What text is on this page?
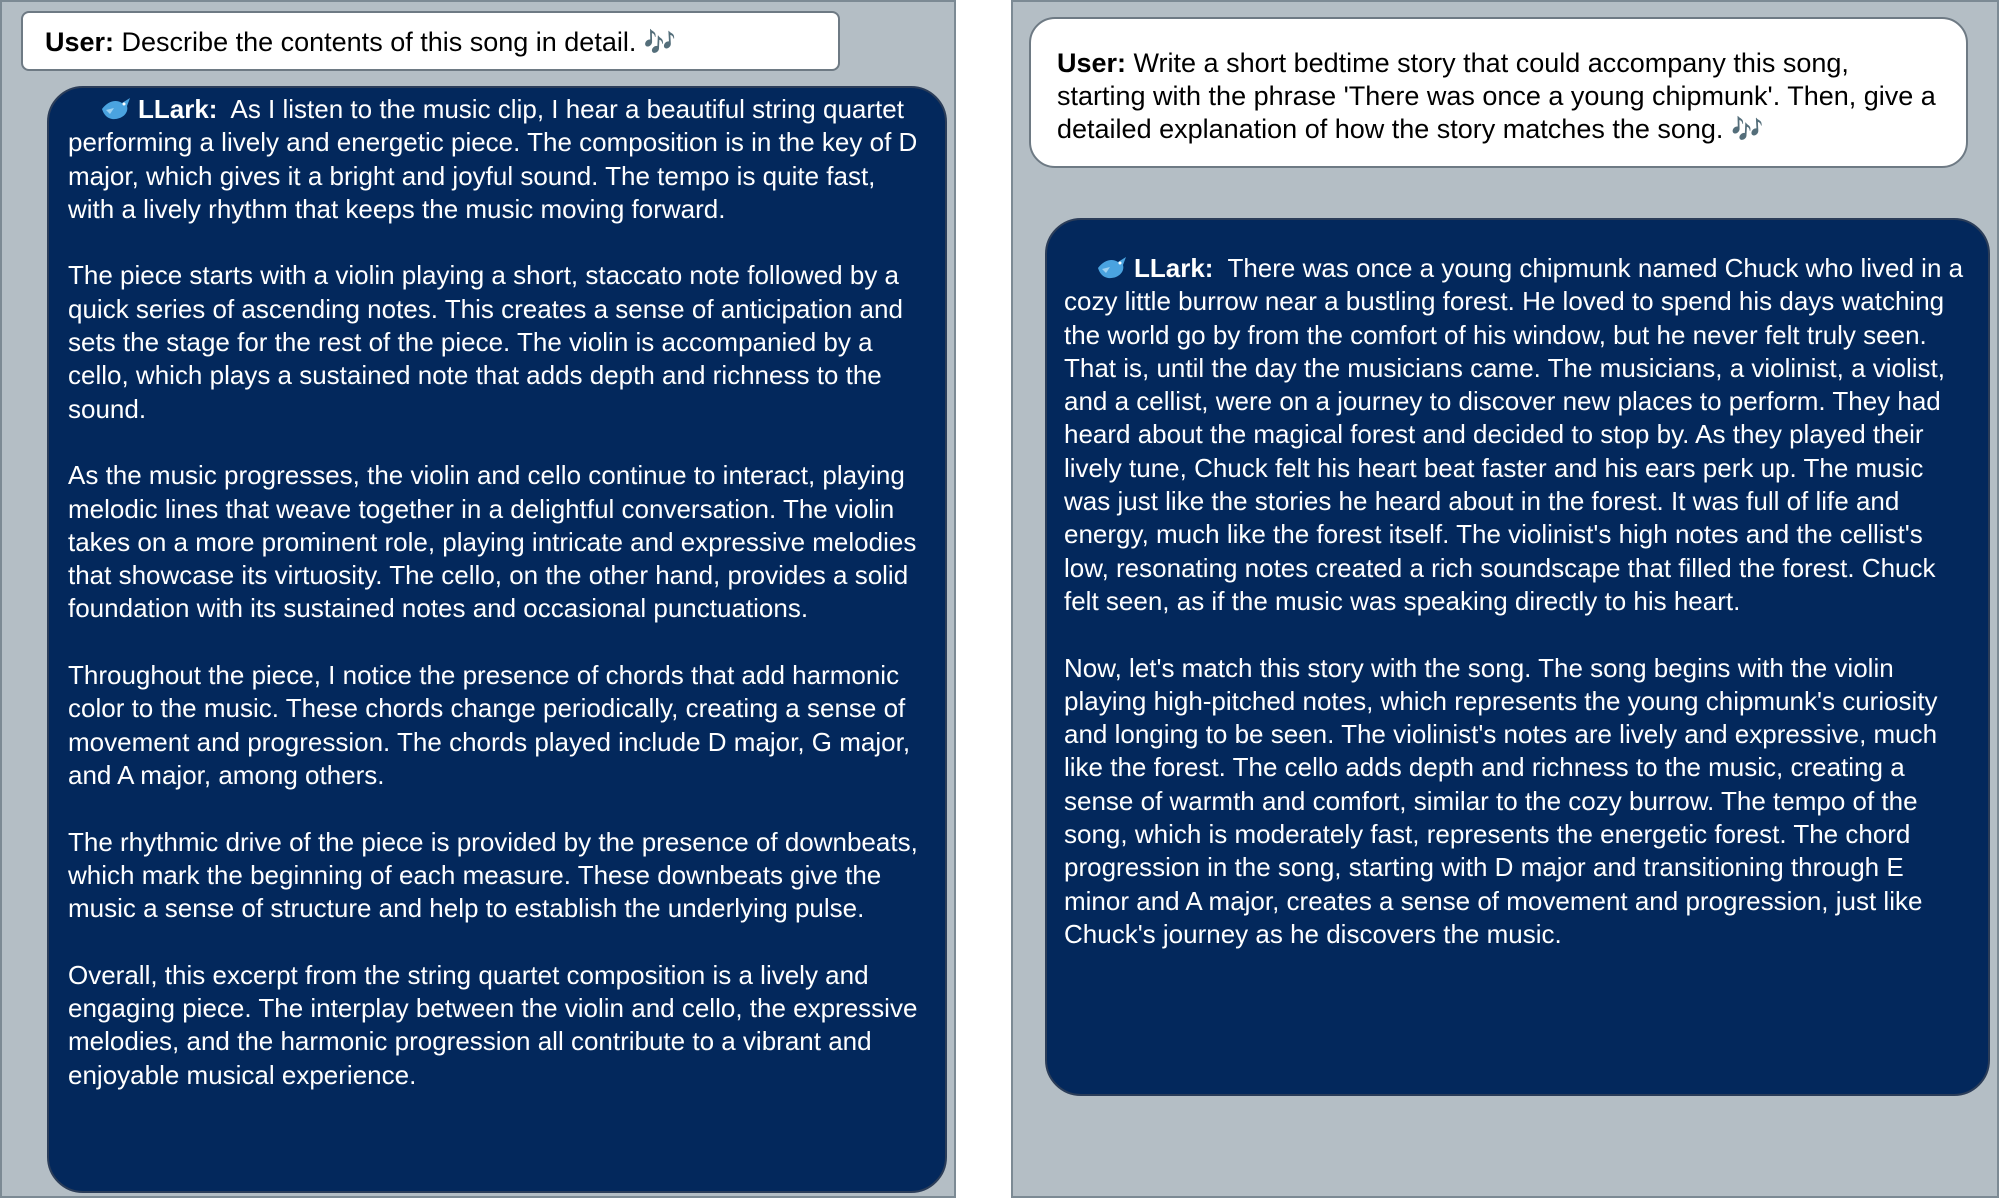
User: Describe the contents of this song in detail. 🎶

LLark: As I listen to the music clip, I hear a beautiful string quartet performing a lively and energetic piece. The composition is in the key of D major, which gives it a bright and joyful sound. The tempo is quite fast, with a lively rhythm that keeps the music moving forward.

The piece starts with a violin playing a short, staccato note followed by a quick series of ascending notes. This creates a sense of anticipation and sets the stage for the rest of the piece. The violin is accompanied by a cello, which plays a sustained note that adds depth and richness to the sound.

As the music progresses, the violin and cello continue to interact, playing melodic lines that weave together in a delightful conversation. The violin takes on a more prominent role, playing intricate and expressive melodies that showcase its virtuosity. The cello, on the other hand, provides a solid foundation with its sustained notes and occasional punctuations.

Throughout the piece, I notice the presence of chords that add harmonic color to the music. These chords change periodically, creating a sense of movement and progression. The chords played include D major, G major, and A major, among others.

The rhythmic drive of the piece is provided by the presence of downbeats, which mark the beginning of each measure. These downbeats give the music a sense of structure and help to establish the underlying pulse.

Overall, this excerpt from the string quartet composition is a lively and engaging piece. The interplay between the violin and cello, the expressive melodies, and the harmonic progression all contribute to a vibrant and enjoyable musical experience.

User: Write a short bedtime story that could accompany this song, starting with the phrase 'There was once a young chipmunk'. Then, give a detailed explanation of how the story matches the song. 🎶

LLark: There was once a young chipmunk named Chuck who lived in a cozy little burrow near a bustling forest. He loved to spend his days watching the world go by from the comfort of his window, but he never felt truly seen. That is, until the day the musicians came. The musicians, a violinist, a violist, and a cellist, were on a journey to discover new places to perform. They had heard about the magical forest and decided to stop by. As they played their lively tune, Chuck felt his heart beat faster and his ears perk up. The music was just like the stories he heard about in the forest. It was full of life and energy, much like the forest itself. The violinist's high notes and the cellist's low, resonating notes created a rich soundscape that filled the forest. Chuck felt seen, as if the music was speaking directly to his heart.

Now, let's match this story with the song. The song begins with the violin playing high-pitched notes, which represents the young chipmunk's curiosity and longing to be seen. The violinist's notes are lively and expressive, much like the forest. The cello adds depth and richness to the music, creating a sense of warmth and comfort, similar to the cozy burrow. The tempo of the song, which is moderately fast, represents the energetic forest. The chord progression in the song, starting with D major and transitioning through E minor and A major, creates a sense of movement and progression, just like Chuck's journey as he discovers the music.
